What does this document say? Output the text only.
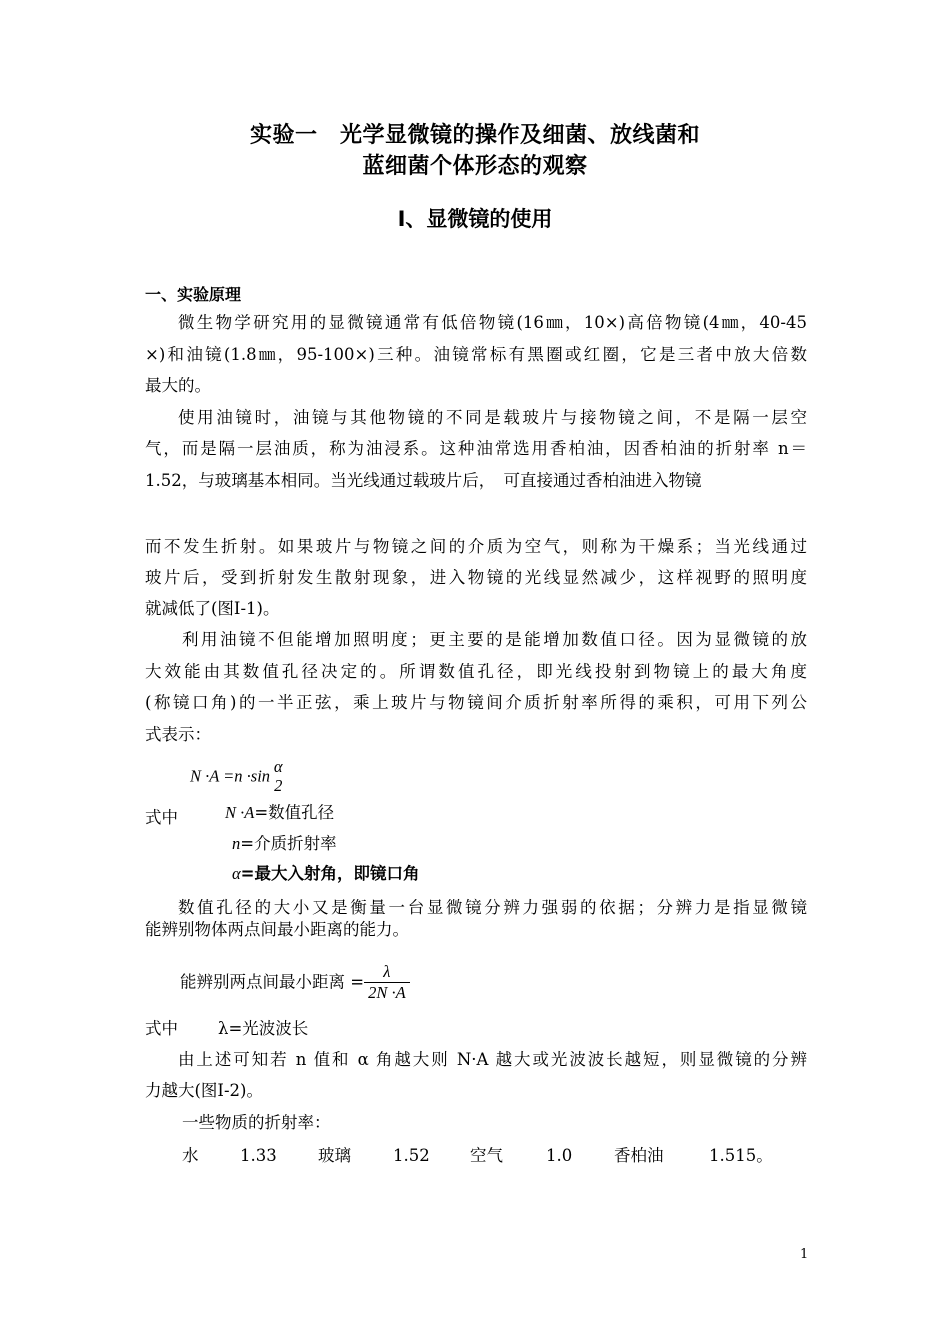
实验一　光学显微镜的操作及细菌、放线菌和
蓝细菌个体形态的观察
Ⅰ、显微镜的使用
一、实验原理
微生物学研究用的显微镜通常有低倍物镜(16㎜，10×)高倍物镜(4㎜，40-45
×)和油镜(1.8㎜，95-100×)三种。油镜常标有黑圈或红圈，它是三者中放大倍数
最大的。
使用油镜时，油镜与其他物镜的不同是载玻片与接物镜之间，不是隔一层空
气，而是隔一层油质，称为油浸系。这种油常选用香柏油，因香柏油的折射率 n＝
1.52，与玻璃基本相同。当光线通过载玻片后，　可直接通过香柏油进入物镜
而不发生折射。如果玻片与物镜之间的介质为空气，则称为干燥系；当光线通过
玻片后，受到折射发生散射现象，进入物镜的光线显然减少，这样视野的照明度
就减低了(图Ⅰ-1)。
利用油镜不但能增加照明度；更主要的是能增加数值口径。因为显微镜的放
大效能由其数值孔径决定的。所谓数值孔径，即光线投射到物镜上的最大角度
(称镜口角)的一半正弦，乘上玻片与物镜间介质折射率所得的乘积，可用下列公
式表示：
N ·A =n ·sin α
2
式中	N ·A=数值孔径
n=介质折射率
α=最大入射角，即镜口角
数值孔径的大小又是衡量一台显微镜分辨力强弱的依据；分辨力是指显微镜
能辨别物体两点间最小距离的能力。
能辨别两点间最小距离 = $\frac{\lambda}{2N \cdot A}$
式中 λ=光波波长
由上述可知若 n 值和 α 角越大则 N·A 越大或光波波长越短，则显微镜的分辨
力越大(图Ⅰ-2)。
一些物质的折射率：
水	1.33	玻璃	1.52 空气	1.0	香柏油	1.515。
1
